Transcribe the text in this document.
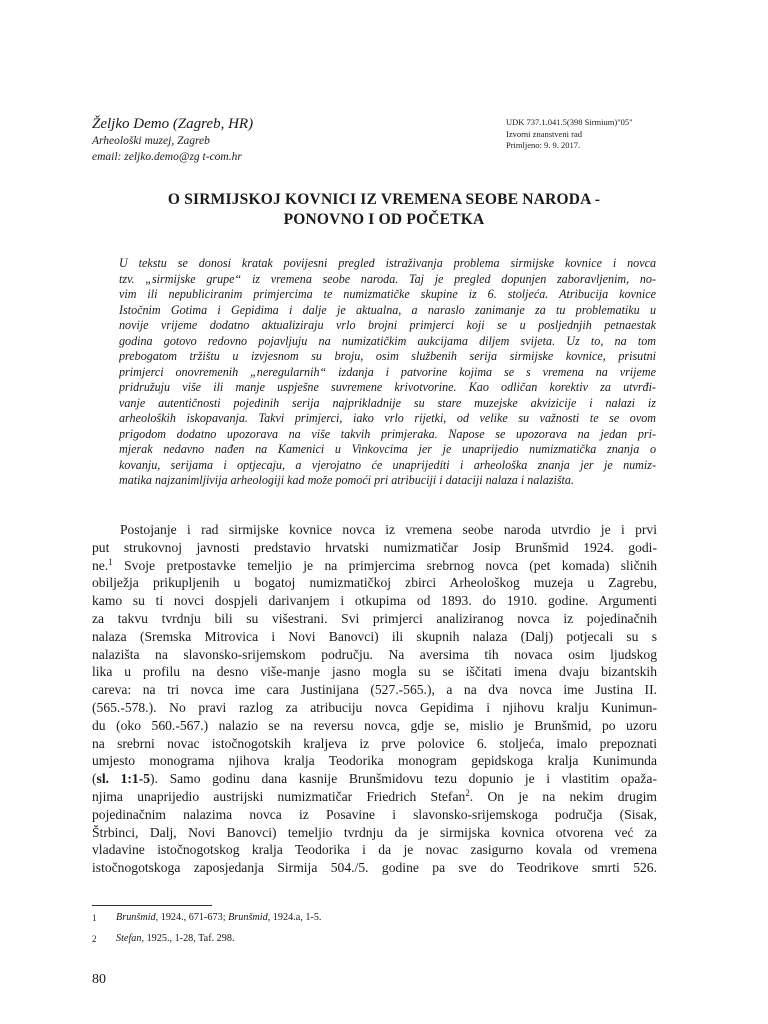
Željko Demo (Zagreb, HR)
Arheološki muzej, Zagreb
email: zeljko.demo@zg t-com.hr
UDK 737.1.041.5(398 Sirmium)"05"
Izvorni znanstveni rad
Primljeno: 9. 9. 2017.
O SIRMIJSKOJ KOVNICI IZ VREMENA SEOBE NARODA -
PONOVNO I OD POČETKA
U tekstu se donosi kratak povijesni pregled istraživanja problema sirmijske kovnice i novca
tzv. „sirmijske grupe“ iz vremena seobe naroda. Taj je pregled dopunjen zaboravljenim, no-
vim ili nepubliciranim primjercima te numizmatičke skupine iz 6. stoljeća. Atribucija kovnice
Istočnim Gotima i Gepidima i dalje je aktualna, a naraslo zanimanje za tu problematiku u
novije vrijeme dodatno aktualiziraju vrlo brojni primjerci koji se u posljednjih petnaestak
godina gotovo redovno pojavljuju na numizatičkim aukcijama diljem svijeta. Uz to, na tom
prebogatom tržištu u izvjesnom su broju, osim službenih serija sirmijske kovnice, prisutni
primjerci onovremenih „neregularnih“ izdanja i patvorine kojima se s vremena na vrijeme
pridružuju više ili manje uspješne suvremene krivotvorine. Kao odličan korektiv za utvrđi-
vanje autentičnosti pojedinih serija najprikladnije su stare muzejske akvizicije i nalazi iz
arheoloških iskopavanja. Takvi primjerci, iako vrlo rijetki, od velike su važnosti te se ovom
prigodom dodatno upozorava na više takvih primjeraka. Napose se upozorava na jedan pri-
mjerak nedavno nađen na Kamenici u Vinkovcima jer je unaprijedio numizmatička znanja o
kovanju, serijama i optjecaju, a vjerojatno će unaprijediti i arheološka znanja jer je numiz-
matika najzanimljivija arheologiji kad može pomoći pri atribuciji i dataciji nalaza i nalazišta.
Postojanje i rad sirmijske kovnice novca iz vremena seobe naroda utvrdio je i prvi
put strukovnoj javnosti predstavio hrvatski numizmatičar Josip Brunšmid 1924. godi-
ne.$^1$ Svoje pretpostavke temeljio je na primjercima srebrnog novca (pet komada) sličnih
obilježja prikupljenih u bogatoj numizmatičkoj zbirci Arheološkog muzeja u Zagrebu,
kamo su ti novci dospjeli darivanjem i otkupima od 1893. do 1910. godine. Argumenti
za takvu tvrdnju bili su višestrani. Svi primjerci analiziranog novca iz pojedinačnih
nalaza (Sremska Mitrovica i Novi Banovci) ili skupnih nalaza (Dalj) potjecali su s
nalazišta na slavonsko-srijemskom području. Na aversima tih novaca osim ljudskog
lika u profilu na desno više-manje jasno mogla su se iščitati imena dvaju bizantskih
careva: na tri novca ime cara Justinijana (527.-565.), a na dva novca ime Justina II.
(565.-578.). No pravi razlog za atribuciju novca Gepidima i njihovu kralju Kunimun-
du (oko 560.-567.) nalazio se na reversu novca, gdje se, mislio je Brunšmid, po uzoru
na srebrni novac istočnogotskih kraljeva iz prve polovice 6. stoljeća, imalo prepoznati
umjesto monograma njihova kralja Teodorika monogram gepidskoga kralja Kunimunda
(sl. 1:1-5). Samo godinu dana kasnije Brunšmidovu tezu dopunio je i vlastitim opaža-
njima unaprijedio austrijski numizmatičar Friedrich Stefan$^2$. On je na nekim drugim
pojedinačnim nalazima novca iz Posavine i slavonsko-srijemskoga područja (Sisak,
Štrbinci, Dalj, Novi Banovci) temeljio tvrdnju da je sirmijska kovnica otvorena već za
vladavine istočnogotskog kralja Teodorika i da je novac zasigurno kovala od vremena
istočnogotskoga zaposjedanja Sirmija 504./5. godine pa sve do Teodrikove smrti 526.
1 Brunšmid, 1924., 671-673; Brunšmid, 1924.a, 1-5.
2 Stefan, 1925., 1-28, Taf. 298.
80
